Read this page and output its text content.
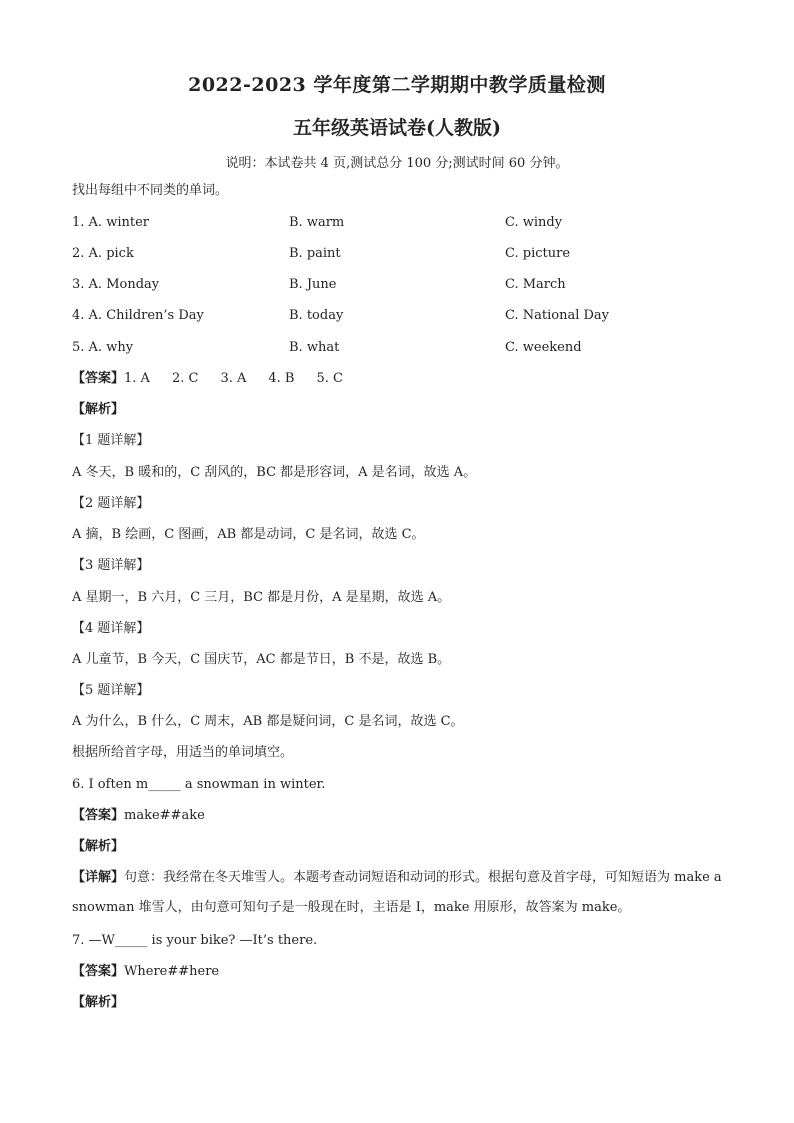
2022-2023 学年度第二学期期中教学质量检测
五年级英语试卷(人教版)
说明：本试卷共 4 页,测试总分 100 分;测试时间 60 分钟。
找出每组中不同类的单词。
1. A. winter	B. warm	C. windy
2. A. pick	B. paint	C. picture
3. A. Monday	B. June	C. March
4. A. Children’s Day	B. today	C. National Day
5. A. why	B. what	C. weekend
【答案】1. A 2. C 3. A 4. B 5. C
【解析】
【1 题详解】
A 冬天，B 暖和的，C 刮风的，BC 都是形容词，A 是名词，故选 A。
【2 题详解】
A 摘，B 绘画，C 图画，AB 都是动词，C 是名词，故选 C。
【3 题详解】
A 星期一，B 六月，C 三月，BC 都是月份，A 是星期，故选 A。
【4 题详解】
A 儿童节，B 今天，C 国庆节，AC 都是节日，B 不是，故选 B。
【5 题详解】
A 为什么，B 什么，C 周末，AB 都是疑问词，C 是名词，故选 C。
根据所给首字母，用适当的单词填空。
6. I often m_____ a snowman in winter.
【答案】make##ake
【解析】
【详解】句意：我经常在冬天堆雪人。本题考查动词短语和动词的形式。根据句意及首字母，可知短语为 make a snowman 堆雪人，由句意可知句子是一般现在时，主语是 I，make 用原形，故答案为 make。
7. —W_____ is your bike? —It’s there.
【答案】Where##here
【解析】
